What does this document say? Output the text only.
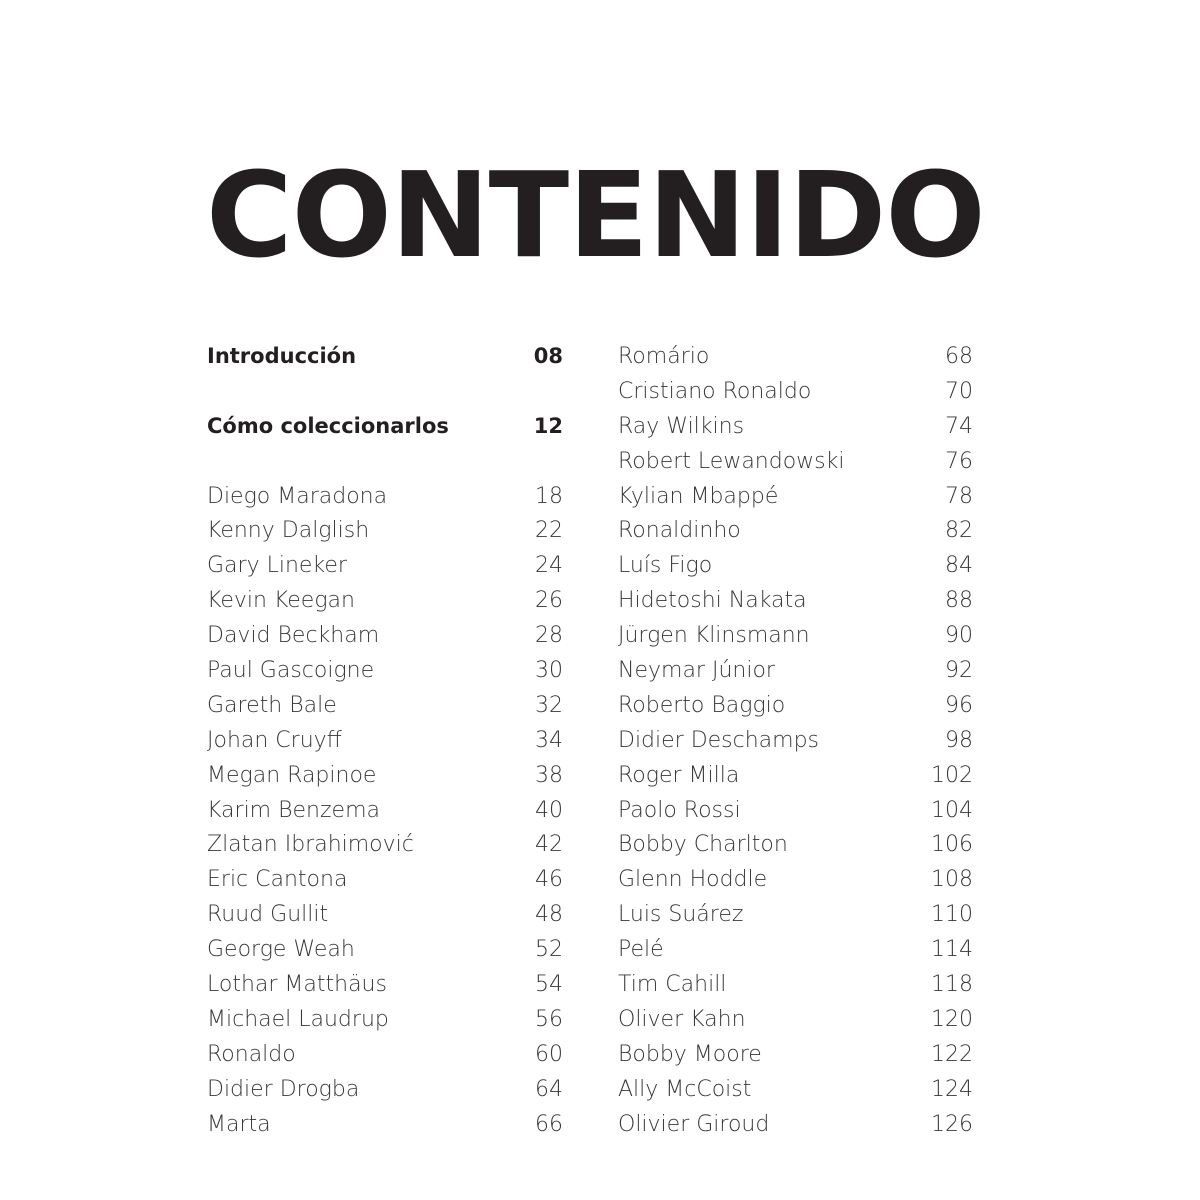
CONTENIDO
Introducción	08
Cómo coleccionarlos	12
Diego Maradona	18
Kenny Dalglish	22
Gary Lineker	24
Kevin Keegan	26
David Beckham	28
Paul Gascoigne	30
Gareth Bale	32
Johan Cruyff	34
Megan Rapinoe	38
Karim Benzema	40
Zlatan Ibrahimović	42
Eric Cantona	46
Ruud Gullit	48
George Weah	52
Lothar Matthäus	54
Michael Laudrup	56
Ronaldo	60
Didier Drogba	64
Marta	66
Romário	68
Cristiano Ronaldo	70
Ray Wilkins	74
Robert Lewandowski	76
Kylian Mbappé	78
Ronaldinho	82
Luís Figo	84
Hidetoshi Nakata	88
Jürgen Klinsmann	90
Neymar Júnior	92
Roberto Baggio	96
Didier Deschamps	98
Roger Milla	102
Paolo Rossi	104
Bobby Charlton	106
Glenn Hoddle	108
Luis Suárez	110
Pelé	114
Tim Cahill	118
Oliver Kahn	120
Bobby Moore	122
Ally McCoist	124
Olivier Giroud	126
